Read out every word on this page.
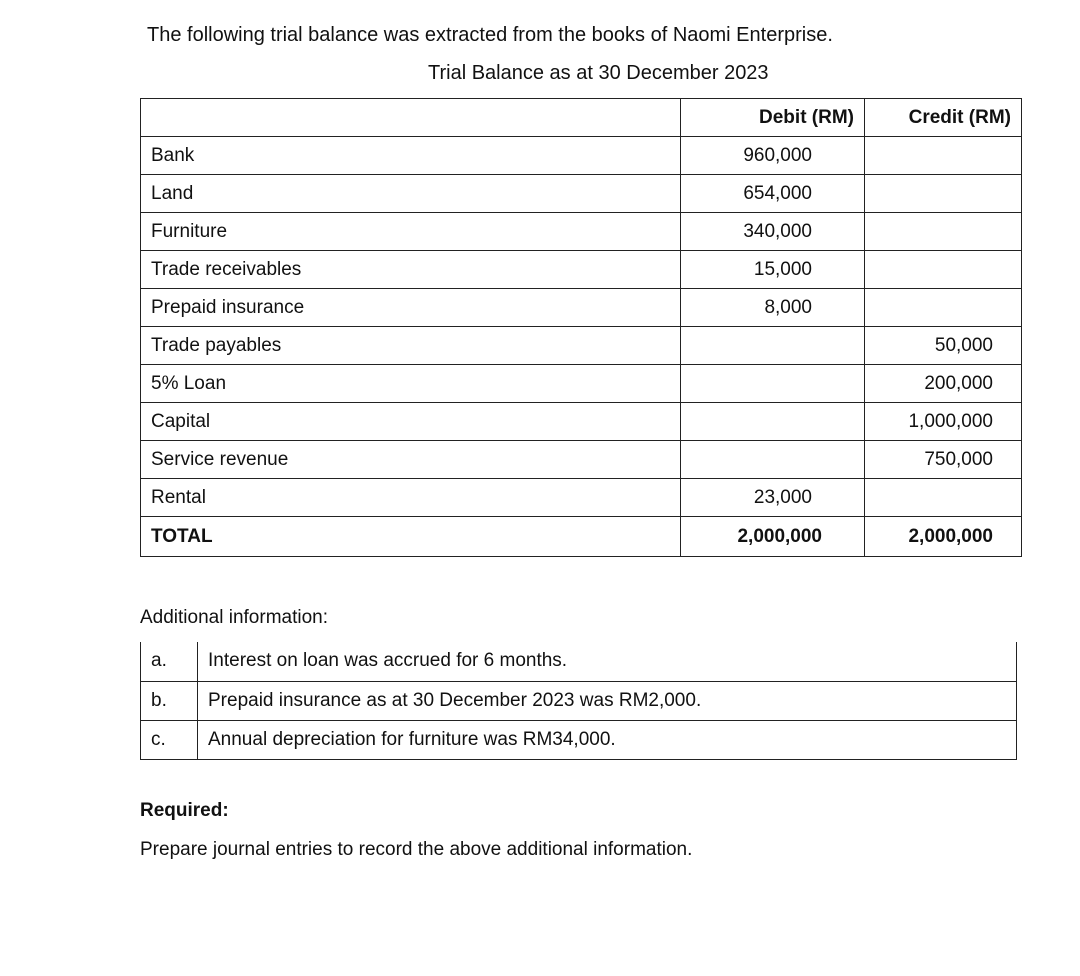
The following trial balance was extracted from the books of Naomi Enterprise.

Trial Balance as at 30 December 2023

	Debit (RM)	Credit (RM)
Bank	960,000	
Land	654,000	
Furniture	340,000	
Trade receivables	15,000	
Prepaid insurance	8,000	
Trade payables		50,000
5% Loan		200,000
Capital		1,000,000
Service revenue		750,000
Rental	23,000	
TOTAL	2,000,000	2,000,000

Additional information:

a.	Interest on loan was accrued for 6 months.
b.	Prepaid insurance as at 30 December 2023 was RM2,000.
c.	Annual depreciation for furniture was RM34,000.

Required:

Prepare journal entries to record the above additional information.
